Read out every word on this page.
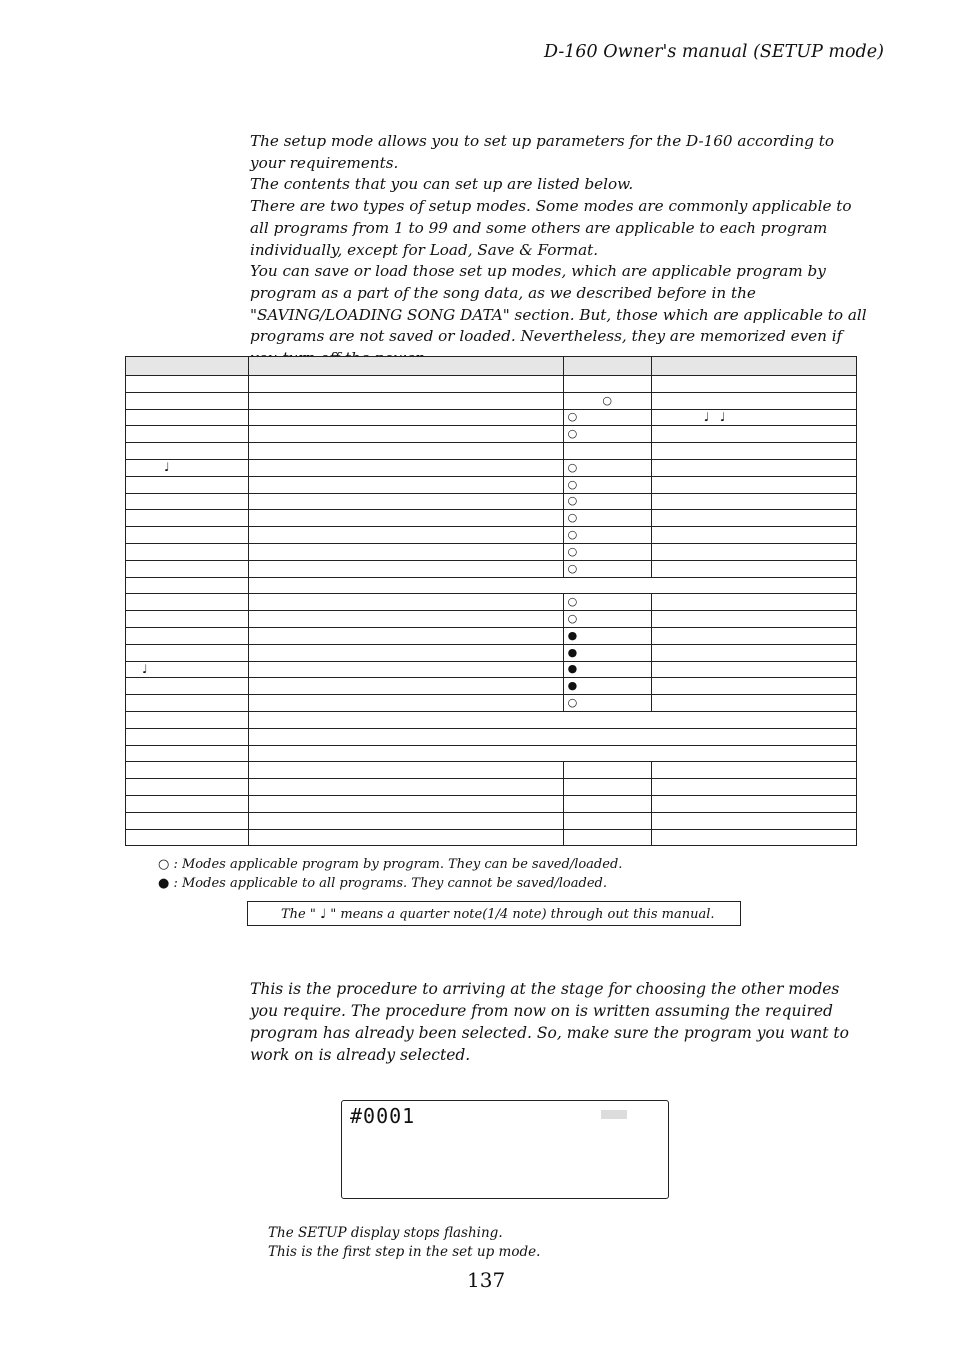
D-160 Owner's manual (SETUP mode)

The setup mode allows you to set up parameters for the D-160 according to your requirements.

The contents that you can set up are listed below.

There are two types of setup modes. Some modes are commonly applicable to all programs from 1 to 99 and some others are applicable to each program individually, except for Load, Save & Format.

You can save or load those set up modes, which are applicable program by program as a part of the song data, as we described before in the "SAVING/LOADING SONG DATA" section. But, those which are applicable to all programs are not saved or loaded. Nevertheless, they are memorized even if

		○	
		○	♩ ♩
		○	

♩		○	
		○	
		○	
		○	
		○	
		○	
		○	

		○	
		○	
		●	
		●	
♩		●	
		●	
		○	

○ : Modes applicable program by program. They can be saved/loaded.
● : Modes applicable to all programs. They cannot be saved/loaded.
The " ♩ " means a quarter note(1/4 note) through out this manual.
This is the procedure to arriving at the stage for choosing the other modes you require. The procedure from now on is written assuming the required program has already been selected. So, make sure the program you want to work on is already selected.
#0001
The SETUP display stops flashing.
This is the first step in the set up mode.
137
